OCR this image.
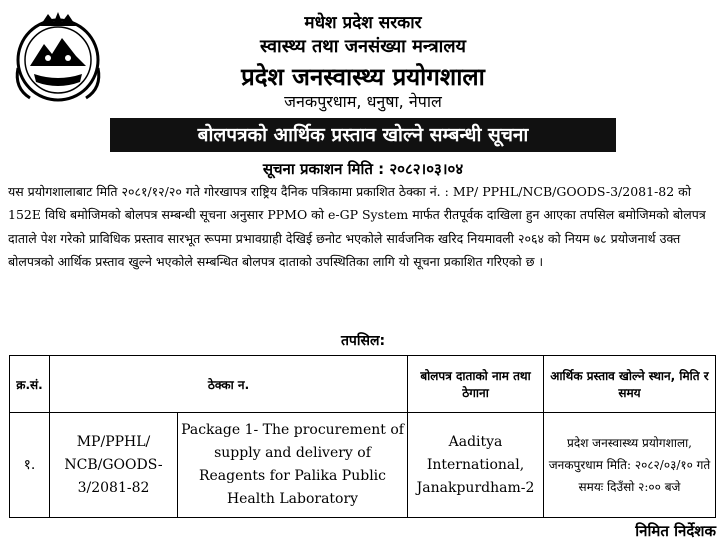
मधेश प्रदेश सरकार
स्वास्थ्य तथा जनसंख्या मन्त्रालय
प्रदेश जनस्वास्थ्य प्रयोगशाला
जनकपुरधाम, धनुषा, नेपाल
बोलपत्रको आर्थिक प्रस्ताव खोल्ने सम्बन्धी सूचना
सूचना प्रकाशन मिति : २०८२।०३।०४

यस प्रयोगशालाबाट मिति २०८१/१२/२० गते गोरखापत्र राष्ट्रिय दैनिक पत्रिकामा प्रकाशित ठेक्का नं. : MP/ PPHL/NCB/GOODS-3/2081-82 को 152E विधि बमोजिमको बोलपत्र सम्बन्धी सूचना अनुसार PPMO को e-GP System मार्फत रीतपूर्वक दाखिला हुन आएका तपसिल बमोजिमको बोलपत्र दाताले पेश गरेको प्राविधिक प्रस्ताव सारभूत रूपमा प्रभावग्राही देखिई छनोट भएकोले सार्वजनिक खरिद नियमावली २०६४ को नियम ७८ प्रयोजनार्थ उक्त बोलपत्रको आर्थिक प्रस्ताव खुल्ने भएकोले सम्बन्धित बोलपत्र दाताको उपस्थितिका लागि यो सूचना प्रकाशित गरिएको छ ।

तपसिल:
क्र.सं.	ठेक्का न.		बोलपत्र दाताको नाम तथा ठेगाना	आर्थिक प्रस्ताव खोल्ने स्थान, मिति र समय
१.	MP/PPHL/ NCB/GOODS- 3/2081-82	Package 1- The procurement of supply and delivery of Reagents for Palika Public Health Laboratory	Aaditya International, Janakpurdham-2	प्रदेश जनस्वास्थ्य प्रयोगशाला, जनकपुरधाम मिति: २०८२/०३/१० गते समयः दिउँसो २:०० बजे
निमित निर्देशक
